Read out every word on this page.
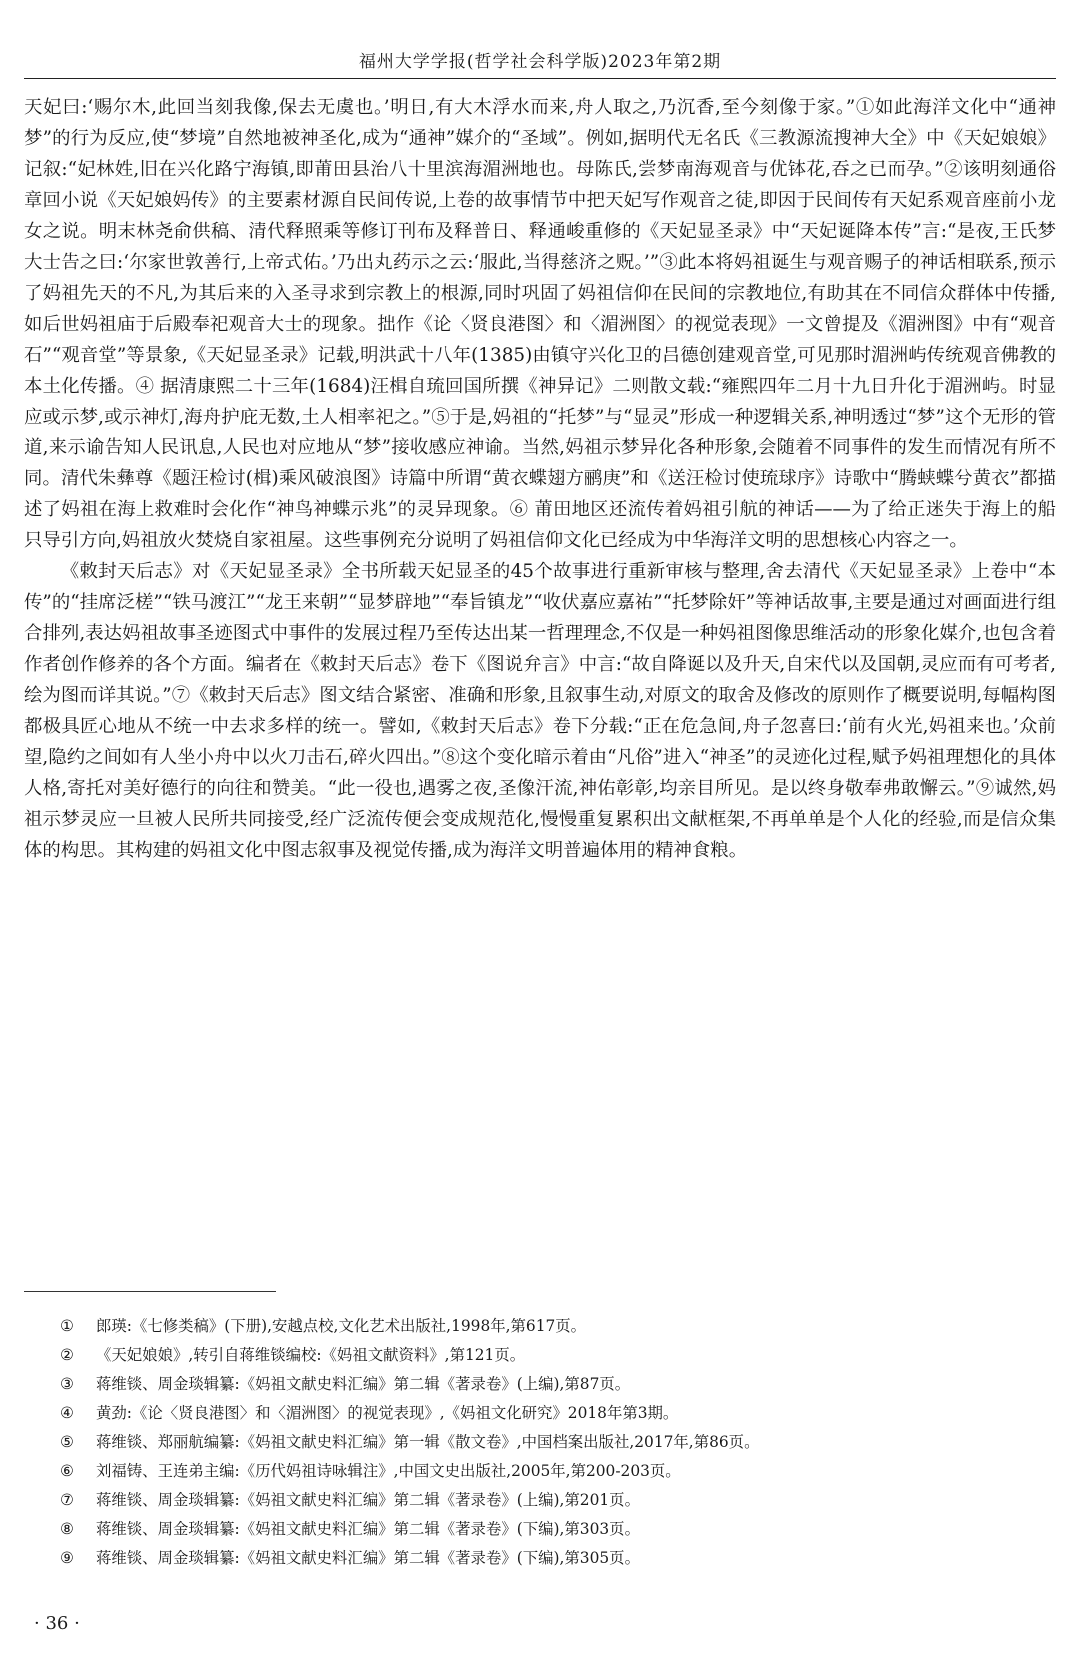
福州大学学报(哲学社会科学版)2023年第2期

天妃曰:‘赐尔木,此回当刻我像,保去无虞也。’明日,有大木浮水而来,舟人取之,乃沉香,至今刻像于家。”①如此海洋文化中“通神梦”的行为反应,使“梦境”自然地被神圣化,成为“通神”媒介的“圣域”。例如,据明代无名氏《三教源流搜神大全》中《天妃娘娘》记叙:“妃林姓,旧在兴化路宁海镇,即莆田县治八十里滨海湄洲地也。母陈氏,尝梦南海观音与优钵花,吞之已而孕。”②该明刻通俗章回小说《天妃娘妈传》的主要素材源自民间传说,上卷的故事情节中把天妃写作观音之徒,即因于民间传有天妃系观音座前小龙女之说。明末林尧俞供稿、清代释照乘等修订刊布及释普日、释通峻重修的《天妃显圣录》中“天妃诞降本传”言:“是夜,王氏梦大士告之曰:‘尔家世敦善行,上帝式佑。’乃出丸药示之云:‘服此,当得慈济之贶。’”③此本将妈祖诞生与观音赐子的神话相联系,预示了妈祖先天的不凡,为其后来的入圣寻求到宗教上的根源,同时巩固了妈祖信仰在民间的宗教地位,有助其在不同信众群体中传播,如后世妈祖庙于后殿奉祀观音大士的现象。拙作《论〈贤良港图〉和〈湄洲图〉的视觉表现》一文曾提及《湄洲图》中有“观音石”“观音堂”等景象,《天妃显圣录》记载,明洪武十八年(1385)由镇守兴化卫的吕德创建观音堂,可见那时湄洲屿传统观音佛教的本土化传播。④ 据清康熙二十三年(1684)汪楫自琉回国所撰《神异记》二则散文载:“雍熙四年二月十九日升化于湄洲屿。时显应或示梦,或示神灯,海舟护庇无数,土人相率祀之。”⑤于是,妈祖的“托梦”与“显灵”形成一种逻辑关系,神明透过“梦”这个无形的管道,来示谕告知人民讯息,人民也对应地从“梦”接收感应神谕。当然,妈祖示梦异化各种形象,会随着不同事件的发生而情况有所不同。清代朱彝尊《题汪检讨(楫)乘风破浪图》诗篇中所谓“黄衣蝶翅方鹂庚”和《送汪检讨使琉球序》诗歌中“腾蛱蝶兮黄衣”都描述了妈祖在海上救难时会化作“神鸟神蝶示兆”的灵异现象。⑥ 莆田地区还流传着妈祖引航的神话——为了给正迷失于海上的船只导引方向,妈祖放火焚烧自家祖屋。这些事例充分说明了妈祖信仰文化已经成为中华海洋文明的思想核心内容之一。

《敕封天后志》对《天妃显圣录》全书所载天妃显圣的45个故事进行重新审核与整理,舍去清代《天妃显圣录》上卷中“本传”的“挂席泛槎”“铁马渡江”“龙王来朝”“显梦辟地”“奉旨镇龙”“收伏嘉应嘉祐”“托梦除奸”等神话故事,主要是通过对画面进行组合排列,表达妈祖故事圣迹图式中事件的发展过程乃至传达出某一哲理理念,不仅是一种妈祖图像思维活动的形象化媒介,也包含着作者创作修养的各个方面。编者在《敕封天后志》卷下《图说弁言》中言:“故自降诞以及升天,自宋代以及国朝,灵应而有可考者,绘为图而详其说。”⑦《敕封天后志》图文结合紧密、准确和形象,且叙事生动,对原文的取舍及修改的原则作了概要说明,每幅构图都极具匠心地从不统一中去求多样的统一。譬如,《敕封天后志》卷下分载:“正在危急间,舟子忽喜曰:‘前有火光,妈祖来也。’众前望,隐约之间如有人坐小舟中以火刀击石,碎火四出。”⑧这个变化暗示着由“凡俗”进入“神圣”的灵迹化过程,赋予妈祖理想化的具体人格,寄托对美好德行的向往和赞美。“此一役也,遇雾之夜,圣像汗流,神佑彰彰,均亲目所见。是以终身敬奉弗敢懈云。”⑨诚然,妈祖示梦灵应一旦被人民所共同接受,经广泛流传便会变成规范化,慢慢重复累积出文献框架,不再单单是个人化的经验,而是信众集体的构思。其构建的妈祖文化中图志叙事及视觉传播,成为海洋文明普遍体用的精神食粮。

①	郎瑛:《七修类稿》(下册),安越点校,文化艺术出版社,1998年,第617页。
②	《天妃娘娘》,转引自蒋维锬编校:《妈祖文献资料》,第121页。
③	蒋维锬、周金琰辑纂:《妈祖文献史料汇编》第二辑《著录卷》(上编),第87页。
④	黄劲:《论〈贤良港图〉和〈湄洲图〉的视觉表现》,《妈祖文化研究》2018年第3期。
⑤	蒋维锬、郑丽航编纂:《妈祖文献史料汇编》第一辑《散文卷》,中国档案出版社,2017年,第86页。
⑥	刘福铸、王连弟主编:《历代妈祖诗咏辑注》,中国文史出版社,2005年,第200-203页。
⑦	蒋维锬、周金琰辑纂:《妈祖文献史料汇编》第二辑《著录卷》(上编),第201页。
⑧	蒋维锬、周金琰辑纂:《妈祖文献史料汇编》第二辑《著录卷》(下编),第303页。
⑨	蒋维锬、周金琰辑纂:《妈祖文献史料汇编》第二辑《著录卷》(下编),第305页。
· 36 ·
